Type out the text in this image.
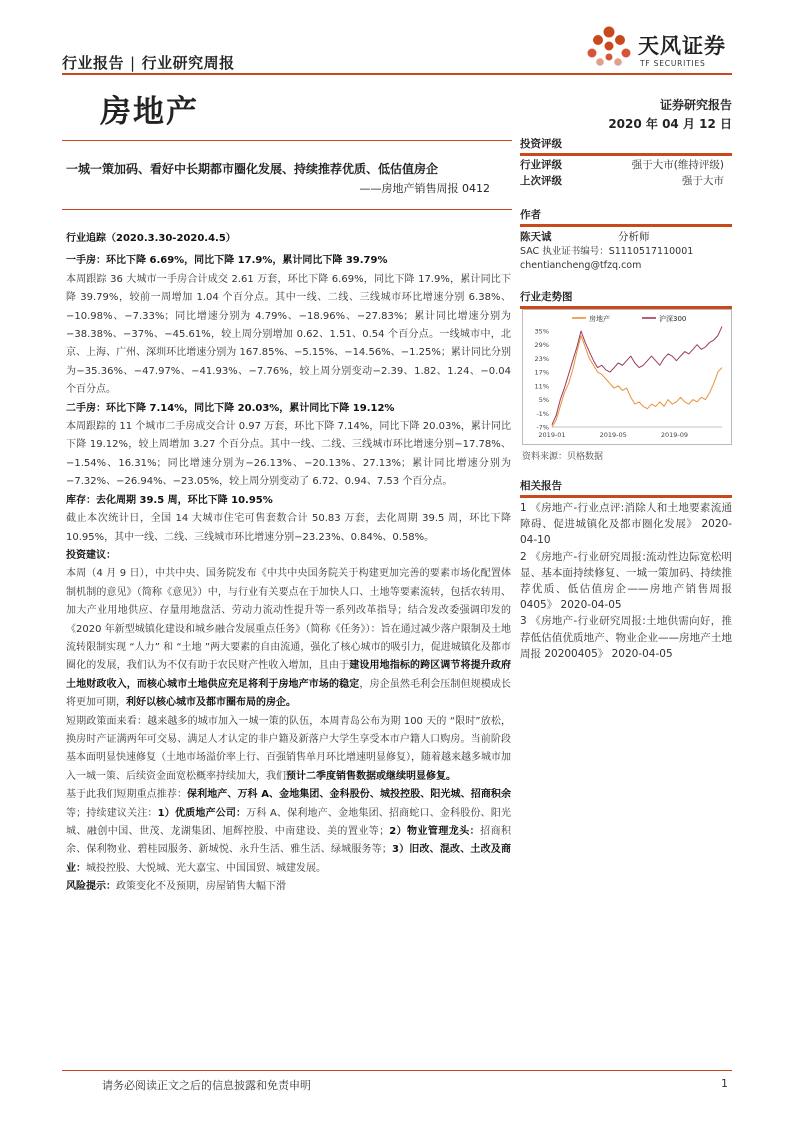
行业报告 | 行业研究周报
天风证券
TF SECURITIES
房地产	证券研究报告
2020 年 04 月 12 日
一城一策加码、看好中长期都市圈化发展、持续推荐优质、低估值房企
——房地产销售周报 0412

行业追踪（2020.3.30-2020.4.5）

一手房：环比下降 6.69%，同比下降 17.9%，累计同比下降 39.79%

本周跟踪 36 大城市一手房合计成交 2.61 万套，环比下降 6.69%，同比下降 17.9%，累计同比下降 39.79%，较前一周增加 1.04 个百分点。其中一线、二线、三线城市环比增速分别 6.38%、−10.98%、−7.33%；同比增速分别为 4.79%、−18.96%、−27.83%；累计同比增速分别为 −38.38%、−37%、−45.61%，较上周分别增加 0.62、1.51、0.54 个百分点。一线城市中，北京、上海、广州、深圳环比增速分别为 167.85%、−5.15%、−14.56%、−1.25%；累计同比分别为−35.36%、−47.97%、−41.93%、−7.76%，较上周分别变动−2.39、1.82、1.24、−0.04 个百分点。

二手房：环比下降 7.14%，同比下降 20.03%，累计同比下降 19.12%

本周跟踪的 11 个城市二手房成交合计 0.97 万套，环比下降 7.14%，同比下降 20.03%，累计同比下降 19.12%，较上周增加 3.27 个百分点。其中一线、二线、三线城市环比增速分别−17.78%、−1.54%、16.31%；同比增速分别为−26.13%、−20.13%、27.13%；累计同比增速分别为−7.32%、−26.94%、−23.05%，较上周分别变动了 6.72、0.94、7.53 个百分点。

库存：去化周期 39.5 周，环比下降 10.95%

截止本次统计日，全国 14 大城市住宅可售套数合计 50.83 万套，去化周期 39.5 周，环比下降 10.95%，其中一线、二线、三线城市环比增速分别−23.23%、0.84%、0.58%。

投资建议：

本周（4 月 9 日），中共中央、国务院发布《中共中央国务院关于构建更加完善的要素市场化配置体制机制的意见》（简称《意见》）中，与行业有关要点在于加快人口、土地等要素流转，包括农转用、加大产业用地供应、存量用地盘活、劳动力流动性提升等一系列改革指导；结合发改委强调印发的《2020 年新型城镇化建设和城乡融合发展重点任务》（简称《任务》）：旨在通过减少落户限制及土地流转限制实现 “人力” 和 “土地 ”两大要素的自由流通，强化了核心城市的吸引力，促进城镇化及都市圈化的发展，我们认为不仅有助于农民财产性收入增加，且由于建设用地指标的跨区调节将提升政府土地财政收入，而核心城市土地供应充足将利于房地产市场的稳定，房企虽然毛利会压制但规模成长将更加可期，利好以核心城市及都市圈布局的房企。

短期政策面来看：越来越多的城市加入一城一策的队伍，本周青岛公布为期 100 天的 “限时”放松，换房时产证满两年可交易、满足人才认定的非户籍及新落户大学生享受本市户籍人口购房。当前阶段基本面明显快速修复（土地市场溢价率上行、百强销售单月环比增速明显修复），随着越来越多城市加入一城一策、后续资金面宽松概率持续加大，我们预计二季度销售数据或继续明显修复。

基于此我们短期重点推荐：保利地产、万科 A、金地集团、金科股份、城投控股、阳光城、招商积余等；持续建议关注：1）优质地产公司：万科 A、保利地产、金地集团、招商蛇口、金科股份、阳光城、融创中国、世茂、龙湖集团、旭辉控股、中南建设、美的置业等；2）物业管理龙头：招商积余、保利物业、碧桂园服务、新城悦、永升生活、雅生活、绿城服务等；3）旧改、混改、土改及商业：城投控股、大悦城、光大嘉宝、中国国贸、城建发展。

风险提示：政策变化不及预期，房屋销售大幅下滑

投资评级
行业评级	强于大市(维持评级)
上次评级	强于大市
作者
陈天诚	分析师
SAC 执业证书编号：S1110517110001
chentiancheng@tfzq.com
行业走势图
35%
29%
23%
17%
11%
5%
-1%
-7%
2019-01	2019-05	2019-09
房地产	沪深300
资料来源：贝格数据
相关报告
1 《房地产-行业点评:消除人和土地要素流通障碍、促进城镇化及都市圈化发展》 2020-04-10
2 《房地产-行业研究周报:流动性边际宽松明显、基本面持续修复、一城一策加码、持续推荐优质、低估值房企——房地产销售周报 0405》 2020-04-05
3 《房地产-行业研究周报:土地供需向好，推荐低估值优质地产、物业企业——房地产土地周报 20200405》 2020-04-05
请务必阅读正文之后的信息披露和免责申明	1
